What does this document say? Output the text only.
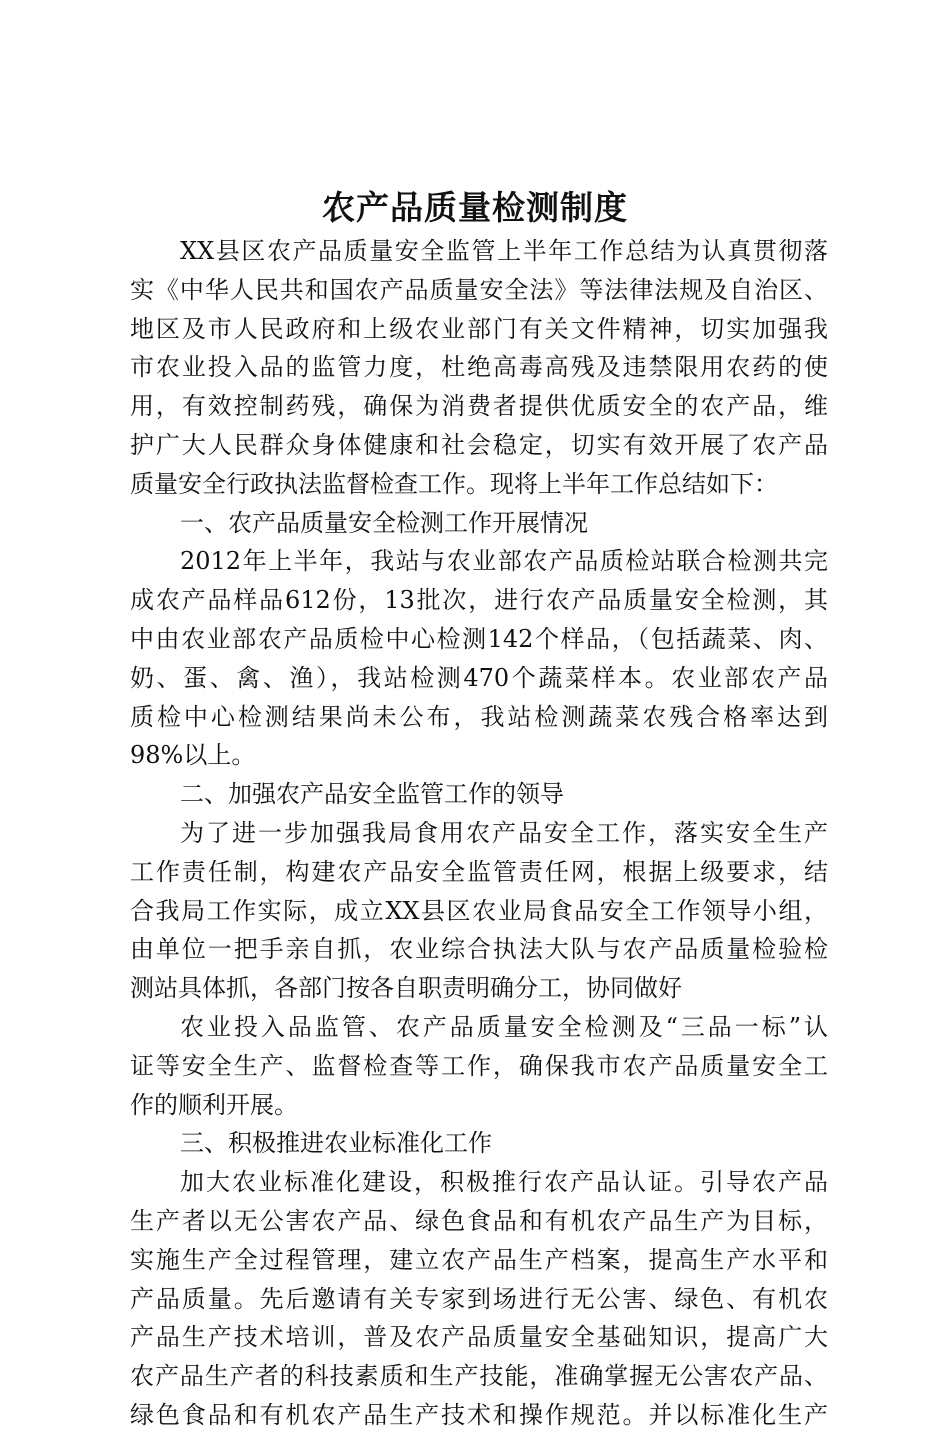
农产品质量检测制度
XX县区农产品质量安全监管上半年工作总结为认真贯彻落
实《中华人民共和国农产品质量安全法》等法律法规及自治区、
地区及市人民政府和上级农业部门有关文件精神，切实加强我
市农业投入品的监管力度，杜绝高毒高残及违禁限用农药的使
用，有效控制药残，确保为消费者提供优质安全的农产品，维
护广大人民群众身体健康和社会稳定，切实有效开展了农产品
质量安全行政执法监督检查工作。现将上半年工作总结如下：
一、农产品质量安全检测工作开展情况
2012年上半年，我站与农业部农产品质检站联合检测共完
成农产品样品612份，13批次，进行农产品质量安全检测，其
中由农业部农产品质检中心检测142个样品，（包括蔬菜、肉、
奶、蛋、禽、渔），我站检测470个蔬菜样本。农业部农产品
质检中心检测结果尚未公布，我站检测蔬菜农残合格率达到
98%以上。
二、加强农产品安全监管工作的领导
为了进一步加强我局食用农产品安全工作，落实安全生产
工作责任制，构建农产品安全监管责任网，根据上级要求，结
合我局工作实际，成立XX县区农业局食品安全工作领导小组，
由单位一把手亲自抓，农业综合执法大队与农产品质量检验检
测站具体抓，各部门按各自职责明确分工，协同做好
农业投入品监管、农产品质量安全检测及“三品一标”认
证等安全生产、监督检查等工作，确保我市农产品质量安全工
作的顺利开展。
三、积极推进农业标准化工作
加大农业标准化建设，积极推行农产品认证。引导农产品
生产者以无公害农产品、绿色食品和有机农产品生产为目标，
实施生产全过程管理，建立农产品生产档案，提高生产水平和
产品质量。先后邀请有关专家到场进行无公害、绿色、有机农
产品生产技术培训，普及农产品质量安全基础知识，提高广大
农产品生产者的科技素质和生产技能，准确掌握无公害农产品、
绿色食品和有机农产品生产技术和操作规范。并以标准化生产
